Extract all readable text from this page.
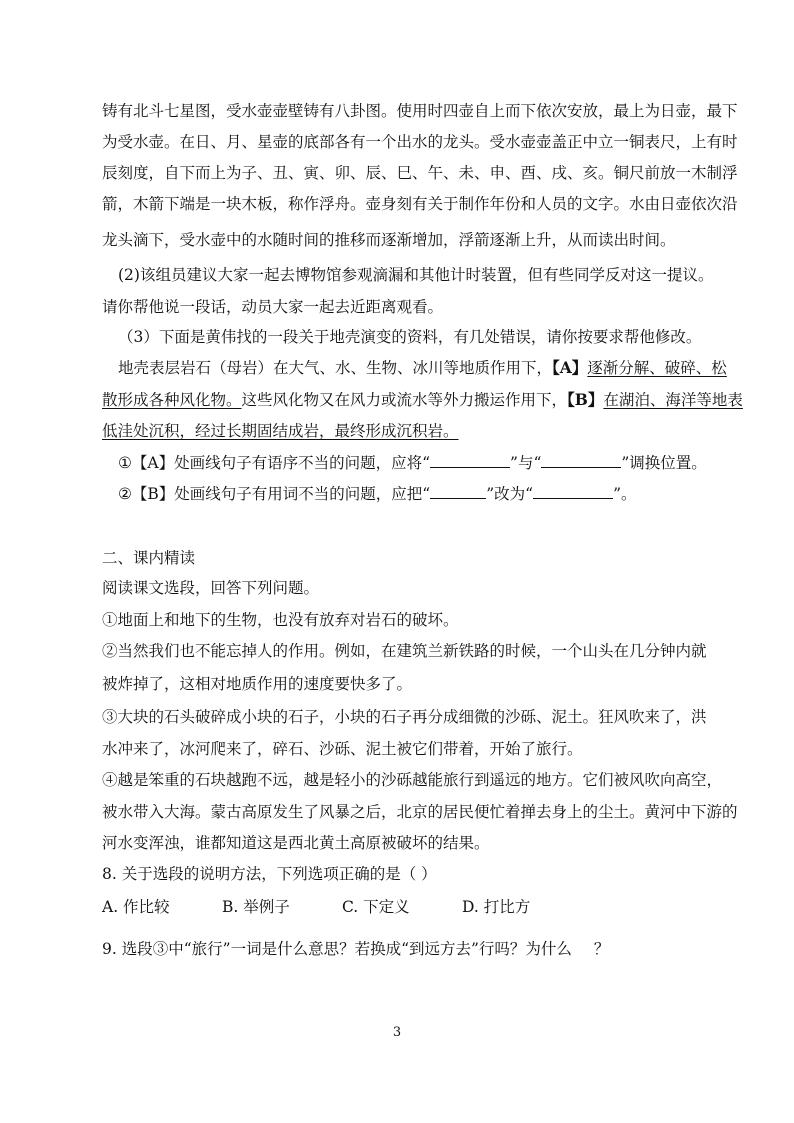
铸有北斗七星图，受水壶壶壁铸有八卦图。使用时四壶自上而下依次安放，最上为日壶，最下
为受水壶。在日、月、星壶的底部各有一个出水的龙头。受水壶壶盖正中立一铜表尺，上有时
辰刻度，自下而上为子、丑、寅、卯、辰、巳、午、未、申、酉、戌、亥。铜尺前放一木制浮
箭，木箭下端是一块木板，称作浮舟。壶身刻有关于制作年份和人员的文字。水由日壶依次沿
龙头滴下，受水壶中的水随时间的推移而逐渐增加，浮箭逐渐上升，从而读出时间。
(2)该组员建议大家一起去博物馆参观滴漏和其他计时装置，但有些同学反对这一提议。
请你帮他说一段话，动员大家一起去近距离观看。
（3）下面是黄伟找的一段关于地壳演变的资料，有几处错误，请你按要求帮他修改。
地壳表层岩石（母岩）在大气、水、生物、冰川等地质作用下，【A】逐渐分解、破碎、松
散形成各种风化物。这些风化物又在风力或流水等外力搬运作用下，【B】在湖泊、海洋等地表
低洼处沉积，经过长期固结成岩，最终形成沉积岩。
①【A】处画线句子有语序不当的问题，应将“	”与“	”调换位置。
②【B】处画线句子有用词不当的问题，应把“	”改为“	”。
二、课内精读
阅读课文选段，回答下列问题。
①地面上和地下的生物，也没有放弃对岩石的破坏。
②当然我们也不能忘掉人的作用。例如，在建筑兰新铁路的时候，一个山头在几分钟内就
被炸掉了，这相对地质作用的速度要快多了。
③大块的石头破碎成小块的石子，小块的石子再分成细微的沙砾、泥土。狂风吹来了，洪
水冲来了，冰河爬来了，碎石、沙砾、泥土被它们带着，开始了旅行。
④越是笨重的石块越跑不远，越是轻小的沙砾越能旅行到遥远的地方。它们被风吹向高空，
被水带入大海。蒙古高原发生了风暴之后，北京的居民便忙着掸去身上的尘土。黄河中下游的
河水变浑浊，谁都知道这是西北黄土高原被破坏的结果。
8. 关于选段的说明方法，下列选项正确的是（ ）
A. 作比较	B. 举例子	C. 下定义	D. 打比方
9. 选段③中“旅行”一词是什么意思？若换成“到远方去”行吗？为什么 ？
3
